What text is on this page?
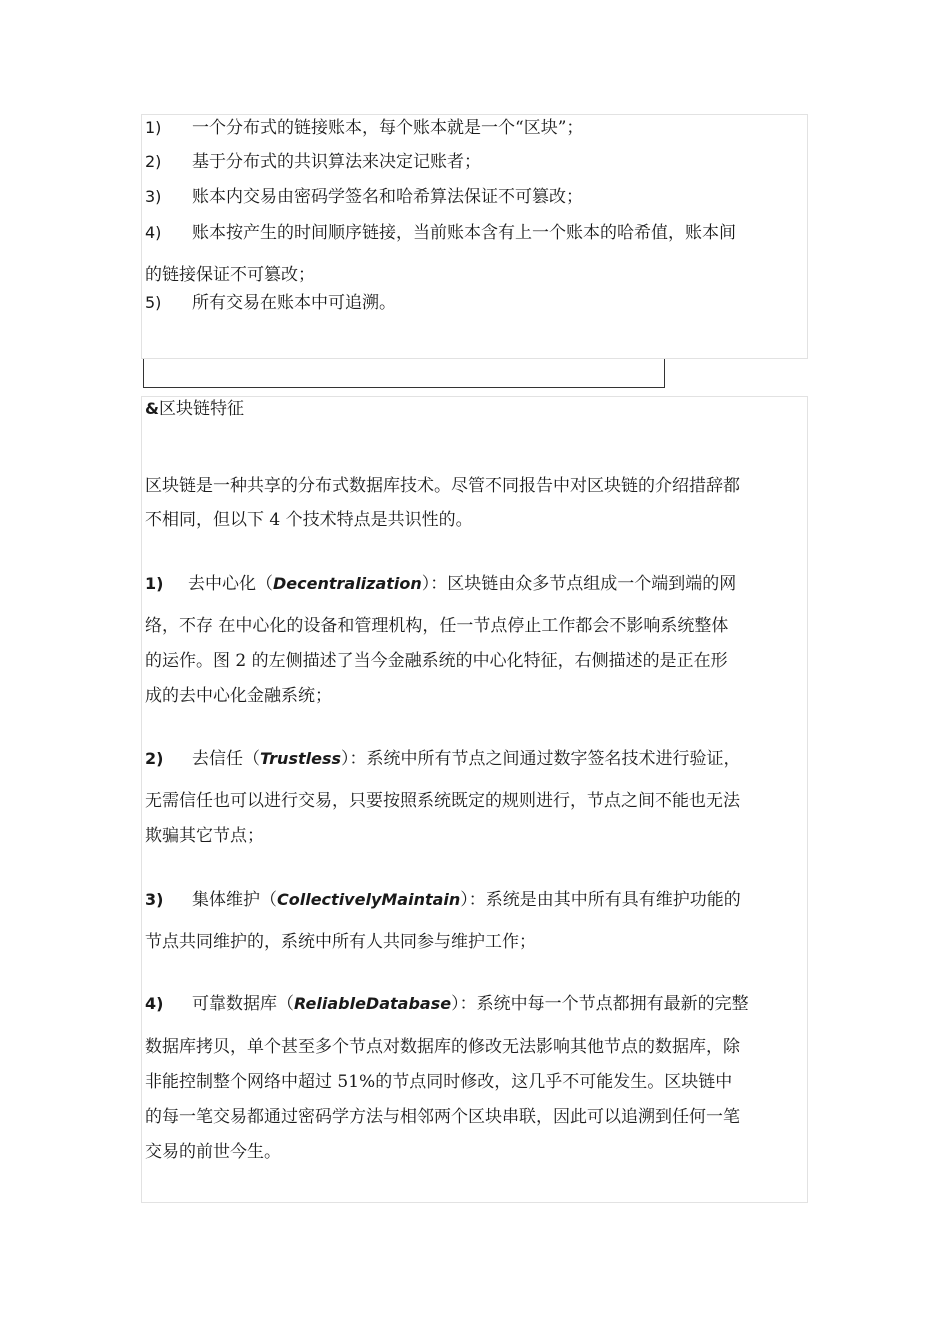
1) 一个分布式的链接账本，每个账本就是一个“区块”；
2) 基于分布式的共识算法来决定记账者；
3) 账本内交易由密码学签名和哈希算法保证不可篡改；
4) 账本按产生的时间顺序链接，当前账本含有上一个账本的哈希值，账本间
的链接保证不可篡改；
5) 所有交易在账本中可追溯。
&区块链特征
区块链是一种共享的分布式数据库技术。尽管不同报告中对区块链的介绍措辞都
不相同，但以下 4 个技术特点是共识性的。
1) 去中心化（Decentralization）：区块链由众多节点组成一个端到端的网
络，不存 在中心化的设备和管理机构，任一节点停止工作都会不影响系统整体
的运作。图 2 的左侧描述了当今金融系统的中心化特征，右侧描述的是正在形
成的去中心化金融系统；
2) 去信任（Trustless）：系统中所有节点之间通过数字签名技术进行验证，
无需信任也可以进行交易，只要按照系统既定的规则进行，节点之间不能也无法
欺骗其它节点；
3) 集体维护（CollectivelyMaintain）：系统是由其中所有具有维护功能的
节点共同维护的，系统中所有人共同参与维护工作；
4) 可靠数据库（ReliableDatabase）：系统中每一个节点都拥有最新的完整
数据库拷贝，单个甚至多个节点对数据库的修改无法影响其他节点的数据库，除
非能控制整个网络中超过 51%的节点同时修改，这几乎不可能发生。区块链中
的每一笔交易都通过密码学方法与相邻两个区块串联，因此可以追溯到任何一笔
交易的前世今生。
